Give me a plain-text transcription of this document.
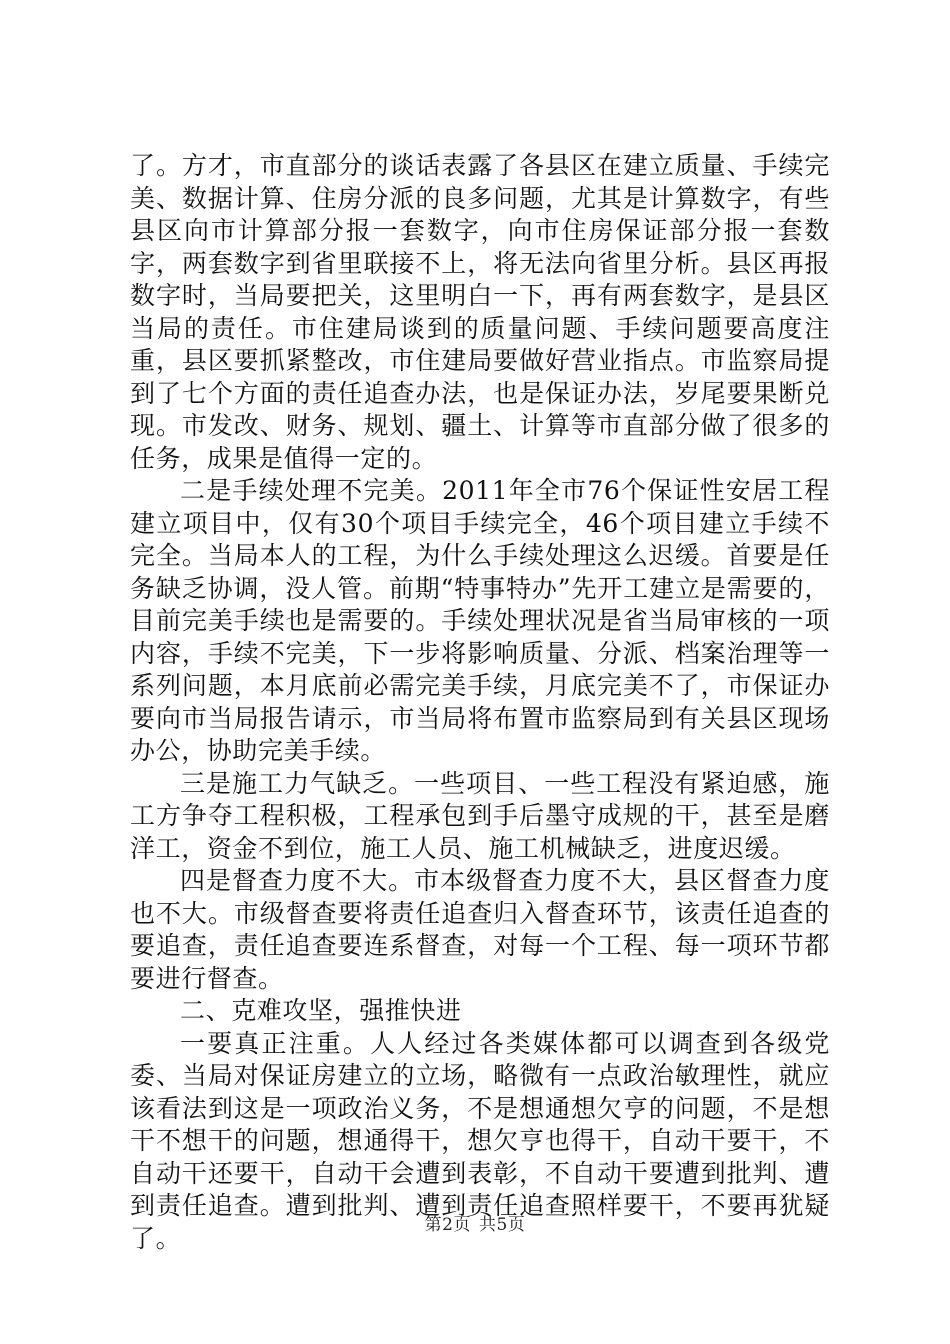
了。方才，市直部分的谈话表露了各县区在建立质量、手续完美、数据计算、住房分派的良多问题，尤其是计算数字，有些县区向市计算部分报一套数字，向市住房保证部分报一套数字，两套数字到省里联接不上，将无法向省里分析。县区再报数字时，当局要把关，这里明白一下，再有两套数字，是县区当局的责任。市住建局谈到的质量问题、手续问题要高度注重，县区要抓紧整改，市住建局要做好营业指点。市监察局提到了七个方面的责任追查办法，也是保证办法，岁尾要果断兑现。市发改、财务、规划、疆土、计算等市直部分做了很多的任务，成果是值得一定的。

二是手续处理不完美。2011年全市76个保证性安居工程建立项目中，仅有30个项目手续完全，46个项目建立手续不完全。当局本人的工程，为什么手续处理这么迟缓。首要是任务缺乏协调，没人管。前期“特事特办”先开工建立是需要的，目前完美手续也是需要的。手续处理状况是省当局审核的一项内容，手续不完美，下一步将影响质量、分派、档案治理等一系列问题，本月底前必需完美手续，月底完美不了，市保证办要向市当局报告请示，市当局将布置市监察局到有关县区现场办公，协助完美手续。

三是施工力气缺乏。一些项目、一些工程没有紧迫感，施工方争夺工程积极，工程承包到手后墨守成规的干，甚至是磨洋工，资金不到位，施工人员、施工机械缺乏，进度迟缓。

四是督查力度不大。市本级督查力度不大，县区督查力度也不大。市级督查要将责任追查归入督查环节，该责任追查的要追查，责任追查要连系督查，对每一个工程、每一项环节都要进行督查。

二、克难攻坚，强推快进

一要真正注重。人人经过各类媒体都可以调查到各级党委、当局对保证房建立的立场，略微有一点政治敏理性，就应该看法到这是一项政治义务，不是想通想欠亨的问题，不是想干不想干的问题，想通得干，想欠亨也得干，自动干要干，不自动干还要干，自动干会遭到表彰，不自动干要遭到批判、遭到责任追查。遭到批判、遭到责任追查照样要干，不要再犹疑了。	第2页 共5页
